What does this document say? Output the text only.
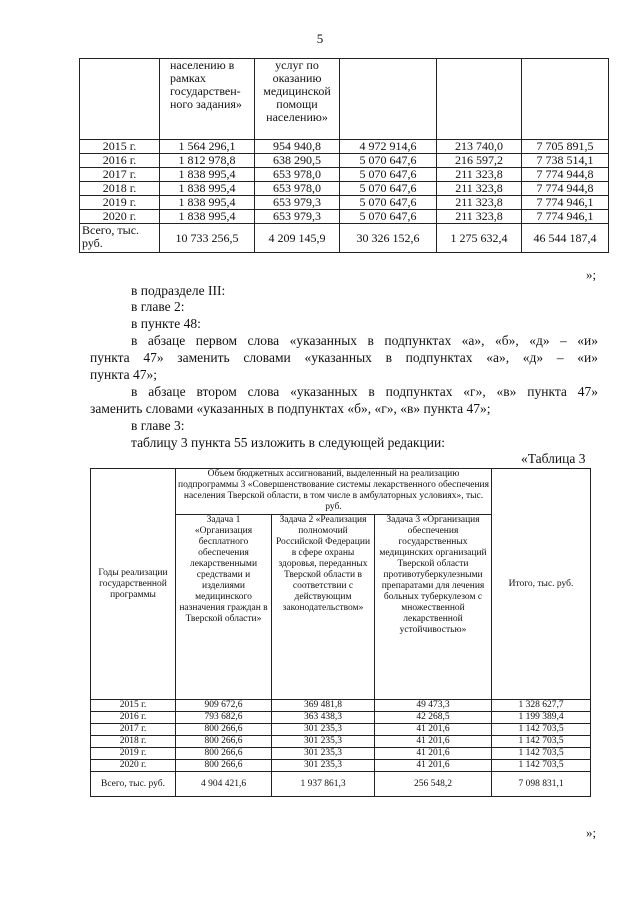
5
	населению в рамках государствен-ного задания»	услуг по оказанию медицинской помощи населению»			
2015 г.	1 564 296,1	954 940,8	4 972 914,6	213 740,0	7 705 891,5
2016 г.	1 812 978,8	638 290,5	5 070 647,6	216 597,2	7 738 514,1
2017 г.	1 838 995,4	653 978,0	5 070 647,6	211 323,8	7 774 944,8
2018 г.	1 838 995,4	653 978,0	5 070 647,6	211 323,8	7 774 944,8
2019 г.	1 838 995,4	653 979,3	5 070 647,6	211 323,8	7 774 946,1
2020 г.	1 838 995,4	653 979,3	5 070 647,6	211 323,8	7 774 946,1
Всего, тыс. руб.	10 733 256,5	4 209 145,9	30 326 152,6	1 275 632,4	46 544 187,4
»;
в подразделе III:
в главе 2:
в пункте 48:
в абзаце первом слова «указанных в подпунктах «а», «б», «д» – «и»
пункта 47» заменить словами «указанных в подпунктах «а», «д» – «и»
пункта 47»;
в абзаце втором слова «указанных в подпунктах «г», «в» пункта 47»
заменить словами «указанных в подпунктах «б», «г», «в» пункта 47»;
в главе 3:
таблицу 3 пункта 55 изложить в следующей редакции:
«Таблица 3
Годы реализации государственной программы	Объем бюджетных ассигнований, выделенный на реализацию подпрограммы 3 «Совершенствование системы лекарственного обеспечения населения Тверской области, в том числе в амбулаторных условиях», тыс. руб.			Итого, тыс. руб.
	Задача 1 «Организация бесплатного обеспечения лекарственными средствами и изделиями медицинского назначения граждан в Тверской области»	Задача 2 «Реализация полномочий Российской Федерации в сфере охраны здоровья, переданных Тверской области в соответствии с действующим законодательством»	Задача 3 «Организация обеспечения государственных медицинских организаций Тверской области противотуберкулезными препаратами для лечения больных туберкулезом с множественной лекарственной устойчивостью»	
2015 г.	909 672,6	369 481,8	49 473,3	1 328 627,7
2016 г.	793 682,6	363 438,3	42 268,5	1 199 389,4
2017 г.	800 266,6	301 235,3	41 201,6	1 142 703,5
2018 г.	800 266,6	301 235,3	41 201,6	1 142 703,5
2019 г.	800 266,6	301 235,3	41 201,6	1 142 703,5
2020 г.	800 266,6	301 235,3	41 201,6	1 142 703,5
Всего, тыс. руб.	4 904 421,6	1 937 861,3	256 548,2	7 098 831,1
»;
